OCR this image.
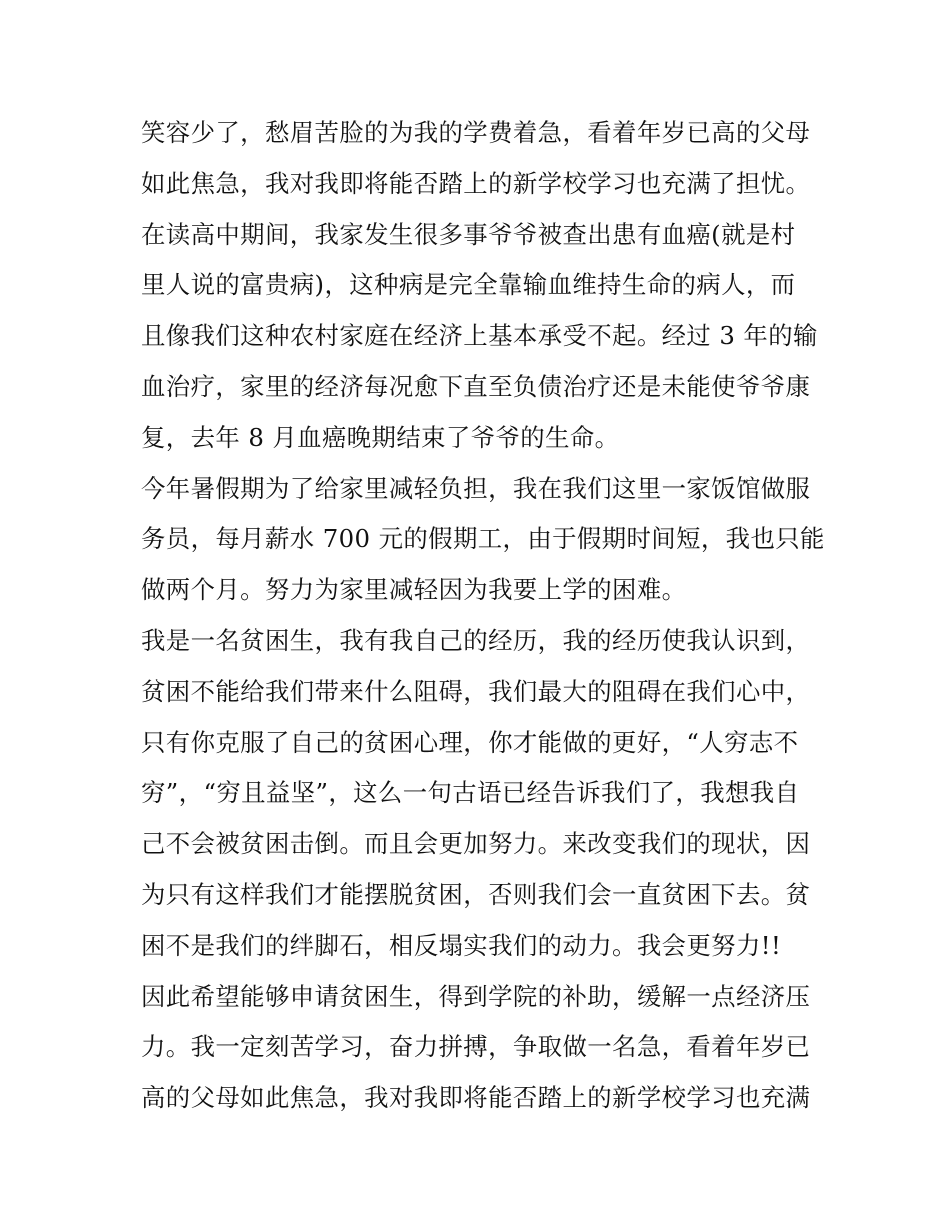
笑容少了，愁眉苦脸的为我的学费着急，看着年岁已高的父母
如此焦急，我对我即将能否踏上的新学校学习也充满了担忧。
在读高中期间，我家发生很多事爷爷被查出患有血癌(就是村
里人说的富贵病)，这种病是完全靠输血维持生命的病人，而
且像我们这种农村家庭在经济上基本承受不起。经过 3 年的输
血治疗，家里的经济每况愈下直至负债治疗还是未能使爷爷康
复，去年 8 月血癌晚期结束了爷爷的生命。
今年暑假期为了给家里减轻负担，我在我们这里一家饭馆做服
务员，每月薪水 700 元的假期工，由于假期时间短，我也只能
做两个月。努力为家里减轻因为我要上学的困难。
我是一名贫困生，我有我自己的经历，我的经历使我认识到，
贫困不能给我们带来什么阻碍，我们最大的阻碍在我们心中，
只有你克服了自己的贫困心理，你才能做的更好，“人穷志不
穷”，“穷且益坚”，这么一句古语已经告诉我们了，我想我自
己不会被贫困击倒。而且会更加努力。来改变我们的现状，因
为只有这样我们才能摆脱贫困，否则我们会一直贫困下去。贫
困不是我们的绊脚石，相反塌实我们的动力。我会更努力!!
因此希望能够申请贫困生，得到学院的补助，缓解一点经济压
力。我一定刻苦学习，奋力拼搏，争取做一名急，看着年岁已
高的父母如此焦急，我对我即将能否踏上的新学校学习也充满
